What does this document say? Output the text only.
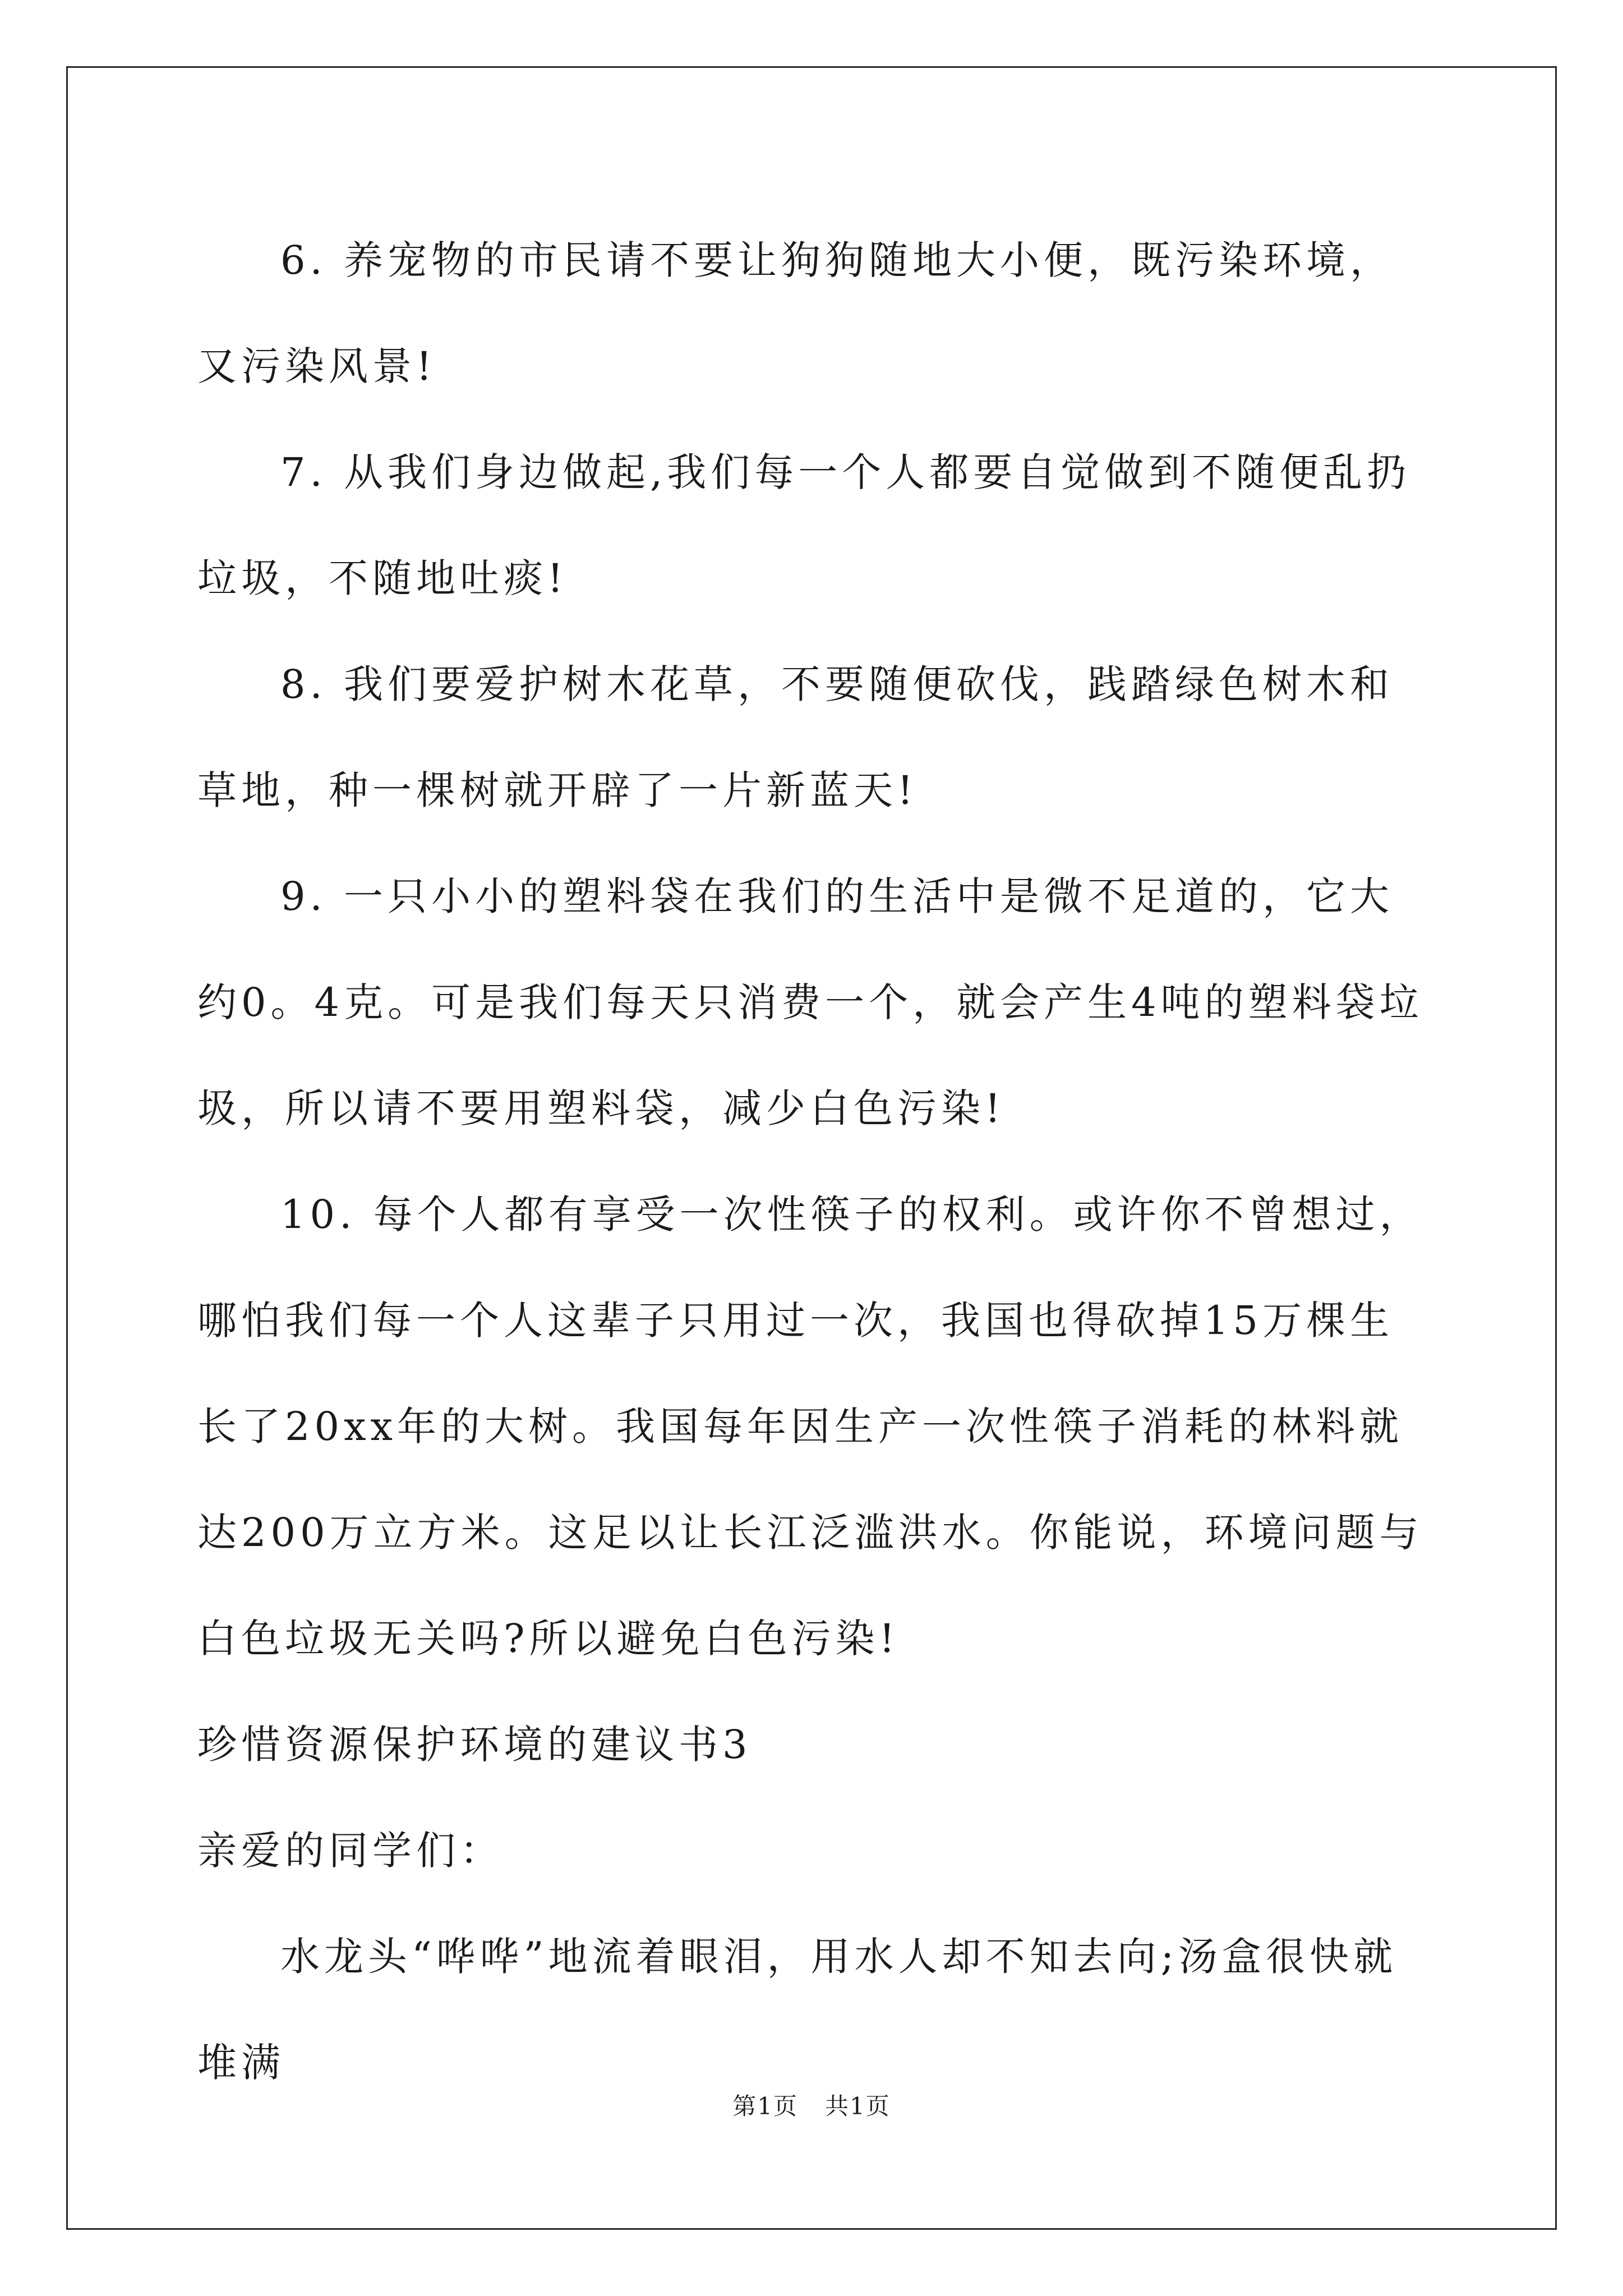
6. 养宠物的市民请不要让狗狗随地大小便，既污染环境，又污染风景!

7. 从我们身边做起,我们每一个人都要自觉做到不随便乱扔垃圾，不随地吐痰!

8. 我们要爱护树木花草，不要随便砍伐，践踏绿色树木和草地，种一棵树就开辟了一片新蓝天!

9. 一只小小的塑料袋在我们的生活中是微不足道的，它大约0。4克。可是我们每天只消费一个，就会产生4吨的塑料袋垃圾，所以请不要用塑料袋，减少白色污染!

10. 每个人都有享受一次性筷子的权利。或许你不曾想过，哪怕我们每一个人这辈子只用过一次，我国也得砍掉15万棵生长了20xx年的大树。我国每年因生产一次性筷子消耗的林料就达200万立方米。这足以让长江泛滥洪水。你能说，环境问题与白色垃圾无关吗?所以避免白色污染!

珍惜资源保护环境的建议书3

亲爱的同学们：

水龙头“哗哗”地流着眼泪，用水人却不知去向;汤盒很快就堆满

第1页 共1页
